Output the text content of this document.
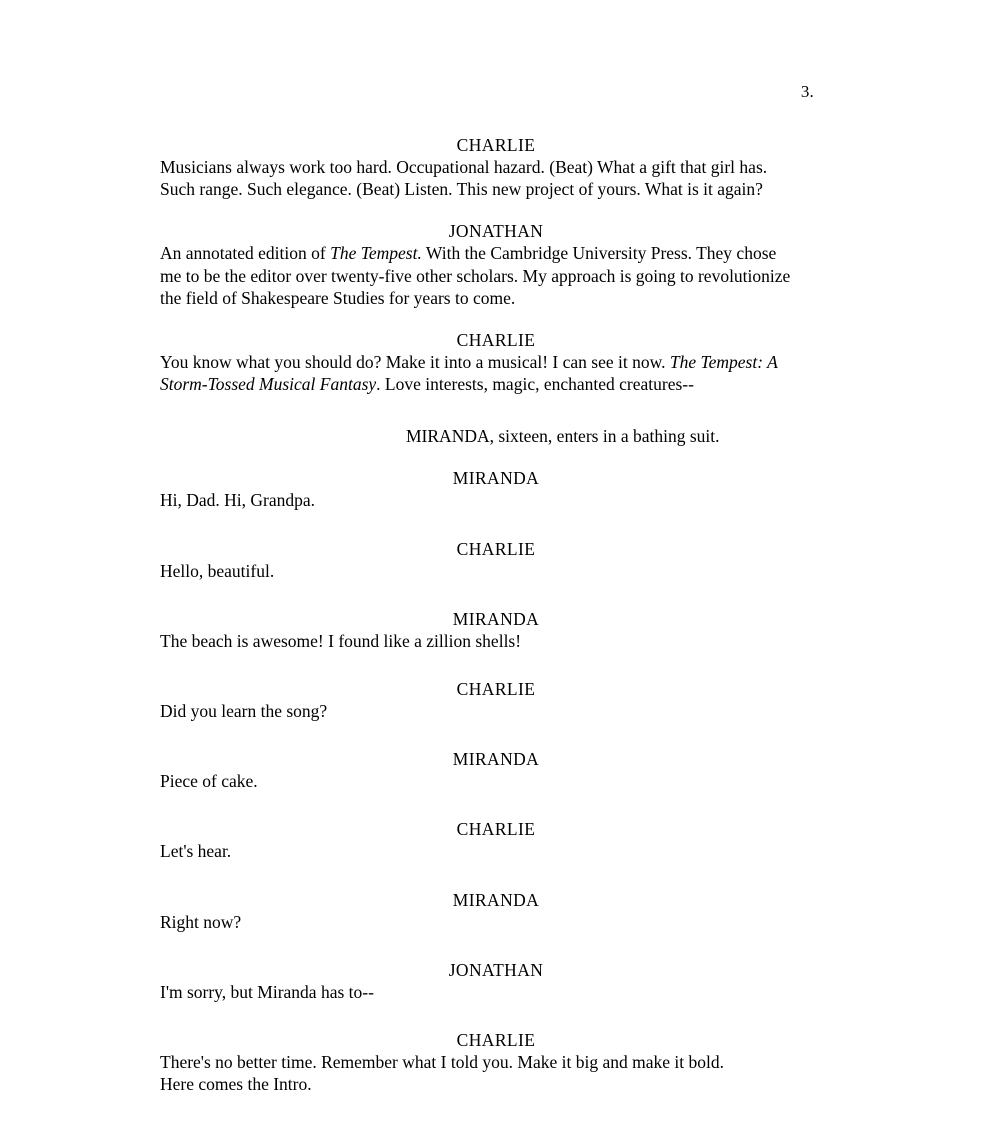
3.
CHARLIE
Musicians always work too hard. Occupational hazard. (Beat) What a gift that girl has.
Such range. Such elegance. (Beat) Listen. This new project of yours. What is it again?
JONATHAN
An annotated edition of The Tempest. With the Cambridge University Press. They chose
me to be the editor over twenty-five other scholars. My approach is going to revolutionize
the field of Shakespeare Studies for years to come.
CHARLIE
You know what you should do? Make it into a musical! I can see it now. The Tempest: A
Storm-Tossed Musical Fantasy. Love interests, magic, enchanted creatures--
MIRANDA, sixteen, enters in a bathing suit.
MIRANDA
Hi, Dad. Hi, Grandpa.
CHARLIE
Hello, beautiful.
MIRANDA
The beach is awesome! I found like a zillion shells!
CHARLIE
Did you learn the song?
MIRANDA
Piece of cake.
CHARLIE
Let's hear.
MIRANDA
Right now?
JONATHAN
I'm sorry, but Miranda has to--
CHARLIE
There's no better time. Remember what I told you. Make it big and make it bold.
Here comes the Intro.
